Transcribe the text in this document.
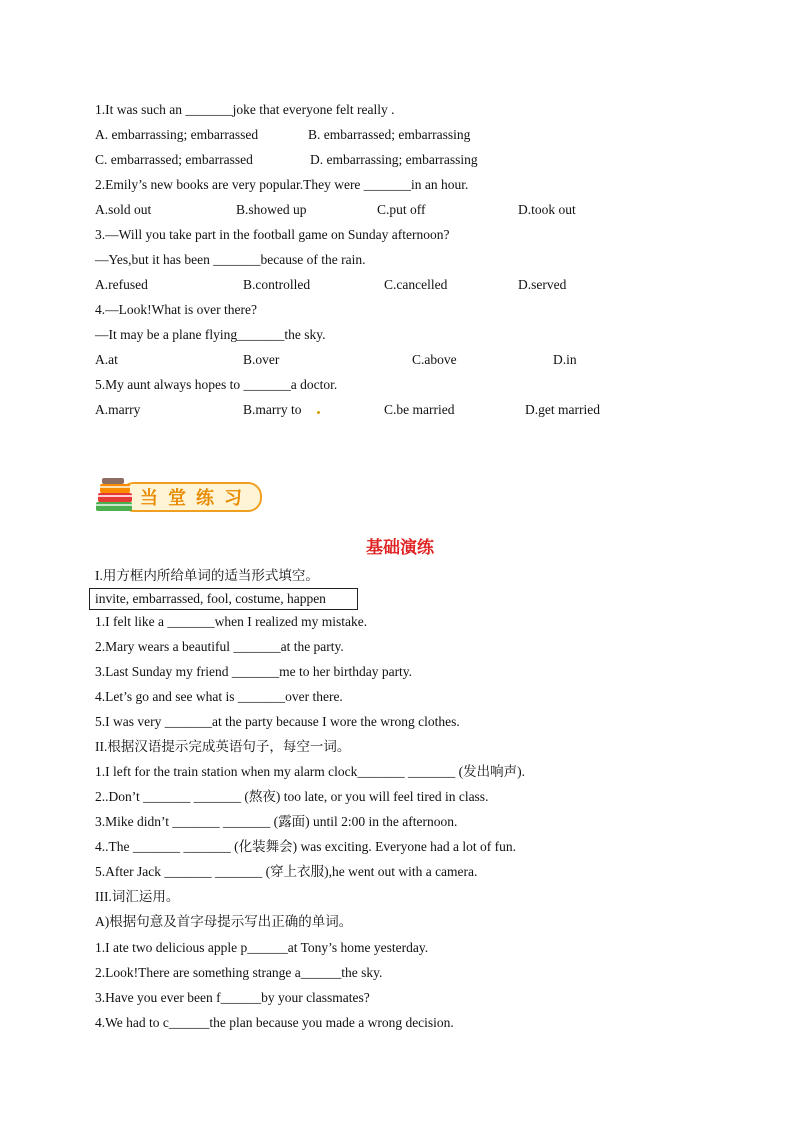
1.It was such an _______joke that everyone felt really .
A. embarrassing; embarrassed	B. embarrassed; embarrassing
C. embarrassed; embarrassed	D. embarrassing; embarrassing
2.Emily’s new books are very popular.They were _______in an hour.
A.sold out	B.showed up	C.put off	D.took out
3.—Will you take part in the football game on Sunday afternoon?
—Yes,but it has been _______because of the rain.
A.refused	B.controlled	C.cancelled	D.served
4.—Look!What is over there?
—It may be a plane flying_______the sky.
A.at	B.over	C.above	D.in
5.My aunt always hopes to _______a doctor.
A.marry	B.marry to	C.be married	D.get married
当堂练习
基础演练
I.用方框内所给单词的适当形式填空。
invite, embarrassed, fool, costume, happen
1.I felt like a _______when I realized my mistake.
2.Mary wears a beautiful _______at the party.
3.Last Sunday my friend _______me to her birthday party.
4.Let’s go and see what is _______over there.
5.I was very _______at the party because I wore the wrong clothes.
II.根据汉语提示完成英语句子，每空一词。
1.I left for the train station when my alarm clock_______ _______ (发出响声).
2..Don’t _______ _______ (熬夜) too late, or you will feel tired in class.
3.Mike didn’t _______ _______ (露面) until 2:00 in the afternoon.
4..The _______ _______ (化装舞会) was exciting. Everyone had a lot of fun.
5.After Jack _______ _______ (穿上衣服),he went out with a camera.
III.词汇运用。
A)根据句意及首字母提示写出正确的单词。
1.I ate two delicious apple p______at Tony’s home yesterday.
2.Look!There are something strange a______the sky.
3.Have you ever been f______by your classmates?
4.We had to c______the plan because you made a wrong decision.
